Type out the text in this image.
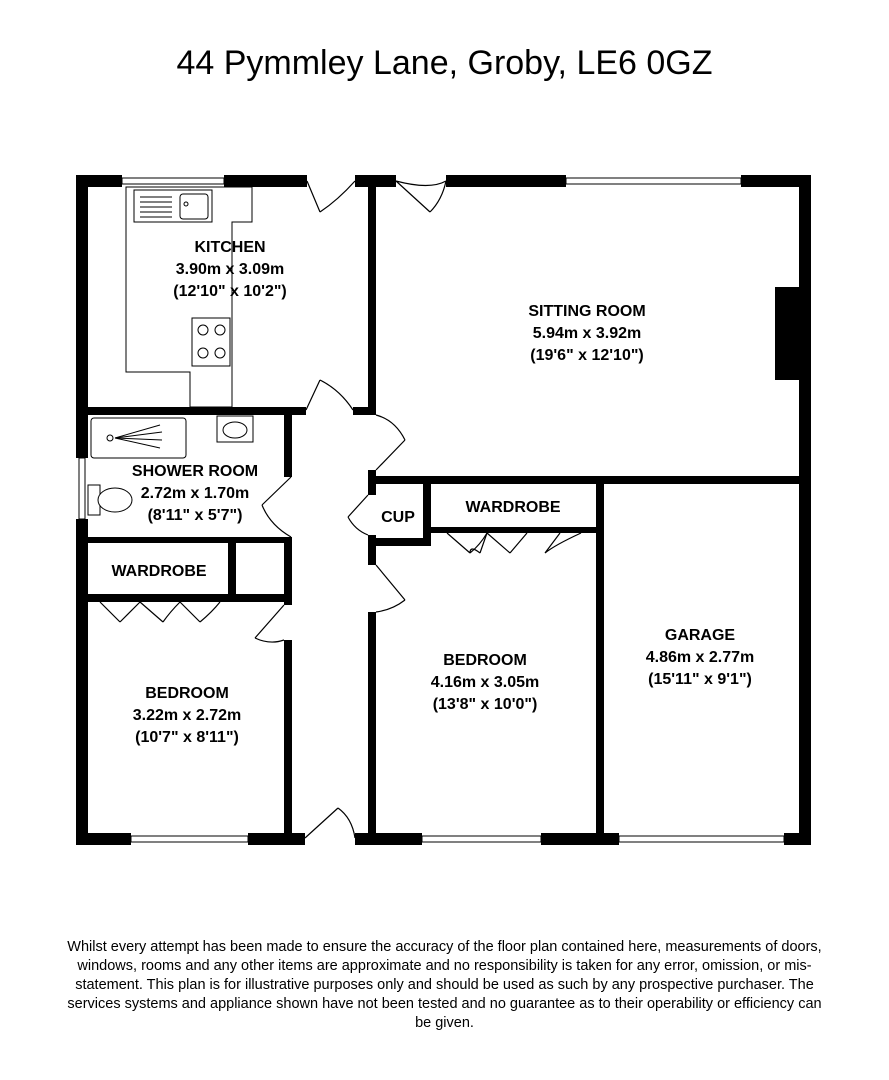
44 Pymmley Lane, Groby, LE6 0GZ
KITCHEN
3.90m x 3.09m
(12'10" x 10'2")
SITTING ROOM
5.94m x 3.92m
(19'6" x 12'10")
SHOWER ROOM
2.72m x 1.70m
(8'11" x 5'7")	CUP
WARDROBE
WARDROBE
BEDROOM
3.22m x 2.72m
(10'7" x 8'11")
BEDROOM
4.16m x 3.05m
(13'8" x 10'0")
GARAGE
4.86m x 2.77m
(15'11" x 9'1")
Whilst every attempt has been made to ensure the accuracy of the floor plan contained here, measurements of doors, windows, rooms and any other items are approximate and no responsibility is taken for any error, omission, or mis-statement. This plan is for illustrative purposes only and should be used as such by any prospective purchaser. The services systems and appliance shown have not been tested and no guarantee as to their operability or efficiency can be given.
